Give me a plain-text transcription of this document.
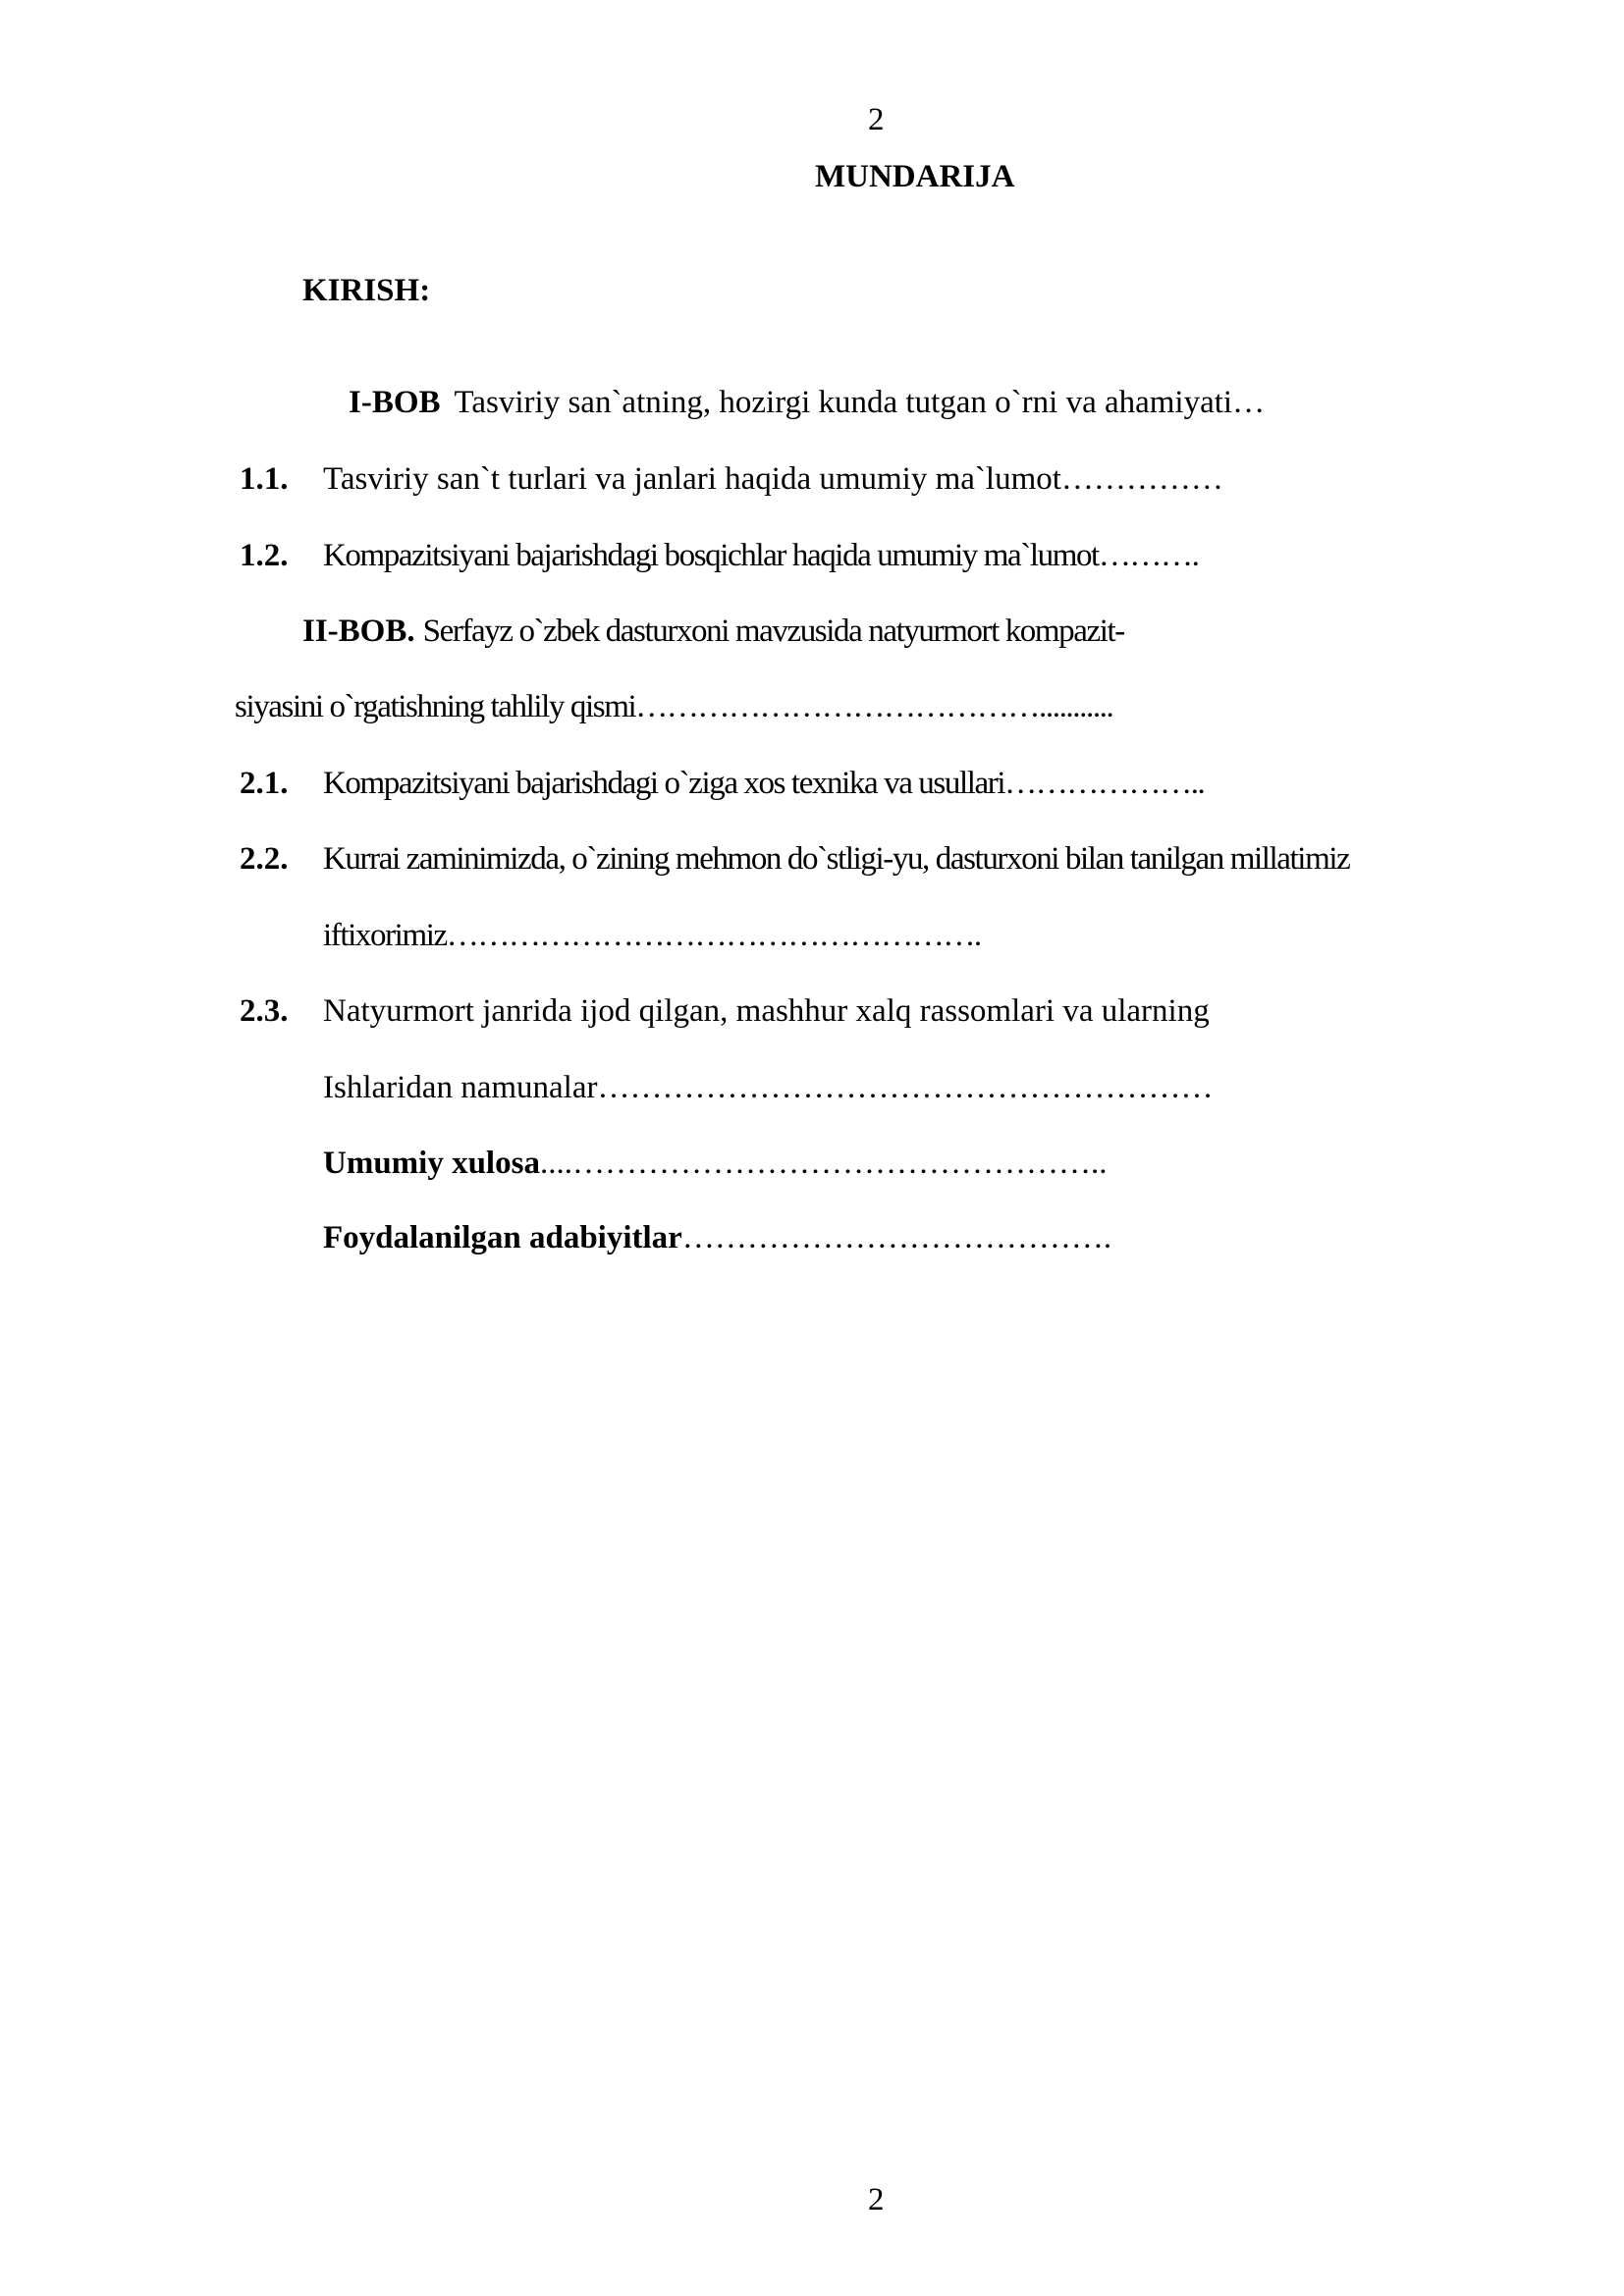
2
MUNDARIJA
KIRISH:
I-BOB Tasviriy san`atning, hozirgi kunda tutgan o`rni va ahamiyati…
1.1. Tasviriy san`t turlari va janlari haqida umumiy ma`lumot……………
1.2. Kompazitsiyani bajarishdagi bosqichlar haqida umumiy ma`lumot……….
II-BOB. Serfayz o`zbek dasturxoni mavzusida natyurmort kompazit-
siyasini o`rgatishning tahlily qismi…………………………………...........
2.1. Kompazitsiyani bajarishdagi o`ziga xos texnika va usullari………………..
2.2. Kurrai zaminimizda, o`zining mehmon do`stligi-yu, dasturxoni bilan tanilgan millatimiz
iftixorimiz…………………………………………….
2.3. Natyurmort janrida ijod qilgan, mashhur xalq rassomlari va ularning
Ishlaridan namunalar…………………………………………………
Umumiy xulosa....…………………………………………..
Foydalanilgan adabiyitlar………………………………….
2
